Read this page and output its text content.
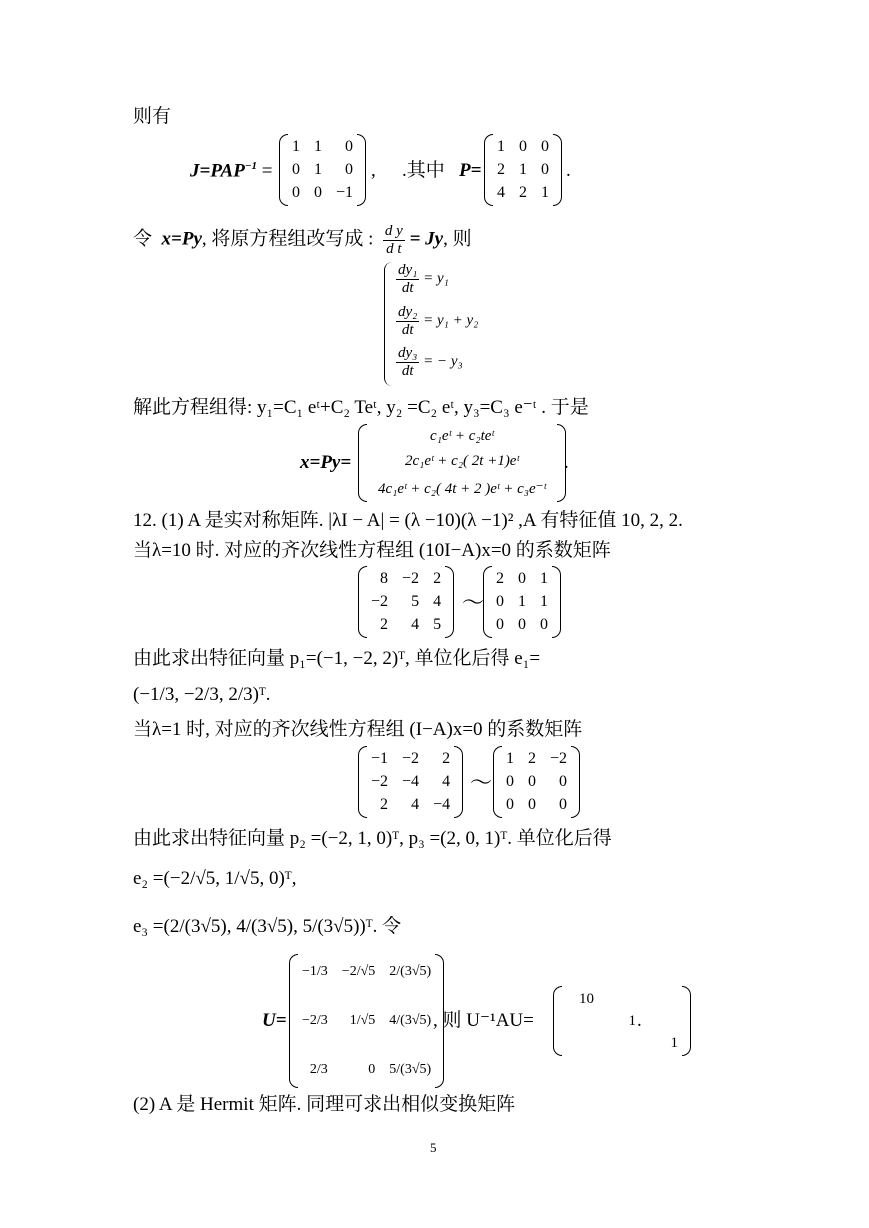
则有
$J=PAP^{-1}$ =
1 1 0
0 1 0
0 0 −1
, .其中 P=
1 0 0
2 1 0
4 2 1
.
令 x=Py, 将原方程组改写成 : $\frac{\text{d y}}{\text{d t}} = Jy$, 则
$\frac{\text{dy₁}}{dt} = y_1$
$\frac{\text{dy₂}}{dt} = y_1 + y_2$
$\frac{\text{dy₃}}{dt}$ = − y₃
解此方程组得: y₁=C₁ eᵗ+C₂ Teᵗ, y₂ =C₂ eᵗ, y₃=C₃ e⁻ᵗ . 于是
x=Py=
c₁eᵗ + c₂teᵗ
2c₁eᵗ + c₂( 2t +1)eᵗ
4c₁eᵗ + c₂( 4t + 2 )eᵗ + c₃e⁻ᵗ
.
12. (1) A 是实对称矩阵. |λI − A| = (λ −10)(λ −1)² ,A 有特征值 10, 2, 2.
当λ=10 时. 对应的齐次线性方程组 (10I−A)x=0 的系数矩阵
8 −2 2
−2 5 4
2 4 5
～
2 0 1
0 1 1
0 0 0
由此求出特征向量 p₁=(−1, −2, 2)ᵀ, 单位化后得 e₁=
(−1/3, −2/3, 2/3)ᵀ.
当λ=1 时, 对应的齐次线性方程组 (I−A)x=0 的系数矩阵
−1 −2 2
−2 −4 4
2 4 −4
～
1 2 −2
0 0 0
0 0 0
由此求出特征向量 p₂ =(−2, 1, 0)ᵀ, p₃ =(2, 0, 1)ᵀ. 单位化后得
e₂ =(−2/√5, 1/√5, 0)ᵀ,
e₃ =(2/(3√5), 4/(3√5), 5/(3√5))ᵀ. 令
U=
−1/3 −2/√5 2/(3√5)
−2/3 1/√5 4/(3√5)
2/3	0 5/(3√5)
, 则 U⁻¹AU=
10
1
1
.
(2) A 是 Hermit 矩阵. 同理可求出相似变换矩阵
5
